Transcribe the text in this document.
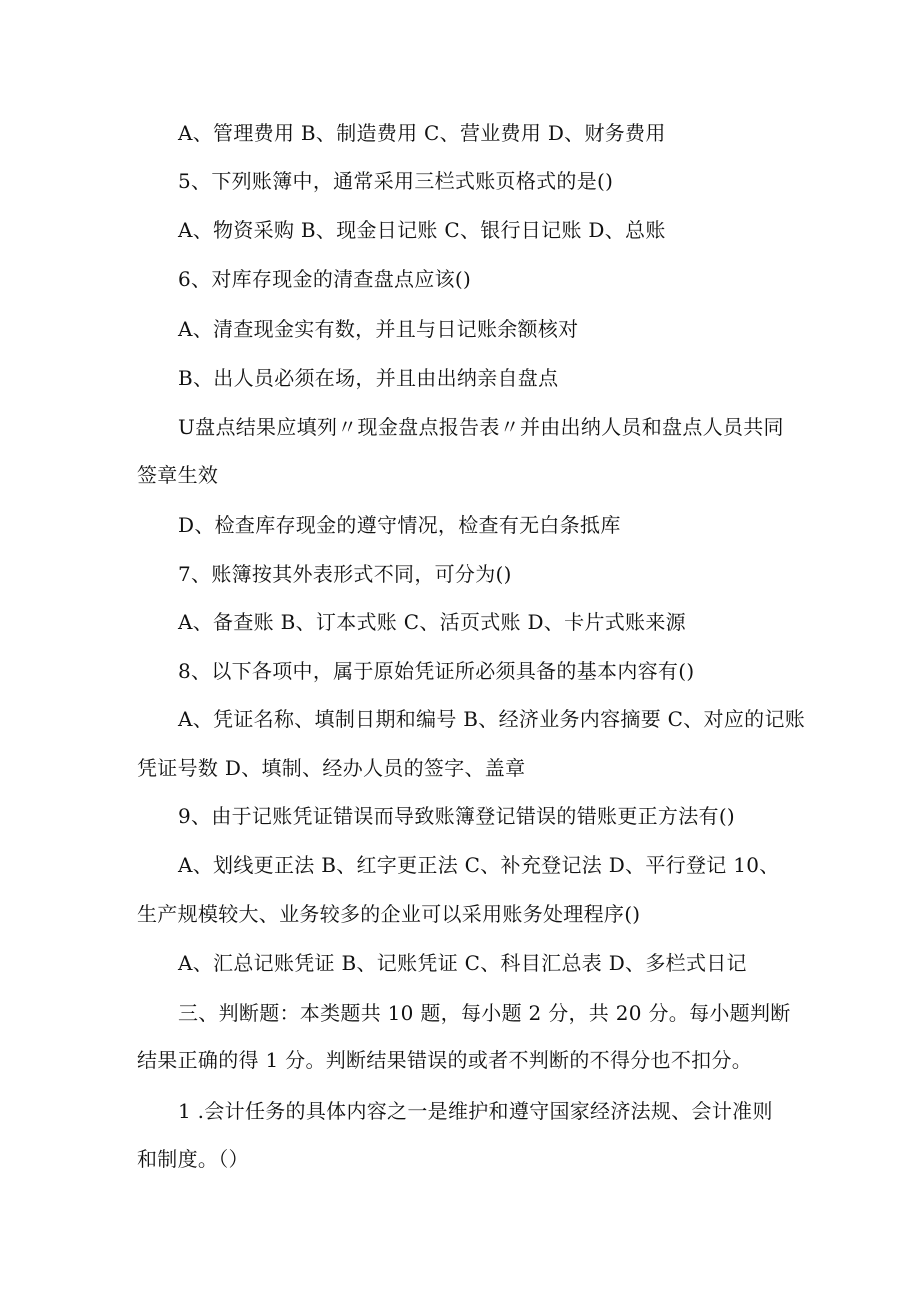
A、管理费用 B、制造费用 C、营业费用 D、财务费用
5、下列账簿中，通常采用三栏式账页格式的是()
A、物资采购 B、现金日记账 C、银行日记账 D、总账
6、对库存现金的清查盘点应该()
A、清查现金实有数，并且与日记账余额核对
B、出人员必须在场，并且由出纳亲自盘点
U盘点结果应填列〃现金盘点报告表〃并由出纳人员和盘点人员共同
签章生效
D、检查库存现金的遵守情况，检查有无白条抵库
7、账簿按其外表形式不同，可分为()
A、备查账 B、订本式账 C、活页式账 D、卡片式账来源
8、以下各项中，属于原始凭证所必须具备的基本内容有()
A、凭证名称、填制日期和编号 B、经济业务内容摘要 C、对应的记账
凭证号数 D、填制、经办人员的签字、盖章
9、由于记账凭证错误而导致账簿登记错误的错账更正方法有()
A、划线更正法 B、红字更正法 C、补充登记法 D、平行登记 10、
生产规模较大、业务较多的企业可以采用账务处理程序()
A、汇总记账凭证 B、记账凭证 C、科目汇总表 D、多栏式日记
三、判断题：本类题共 10 题，每小题 2 分，共 20 分。每小题判断
结果正确的得 1 分。判断结果错误的或者不判断的不得分也不扣分。
1 .会计任务的具体内容之一是维护和遵守国家经济法规、会计准则
和制度。（）
